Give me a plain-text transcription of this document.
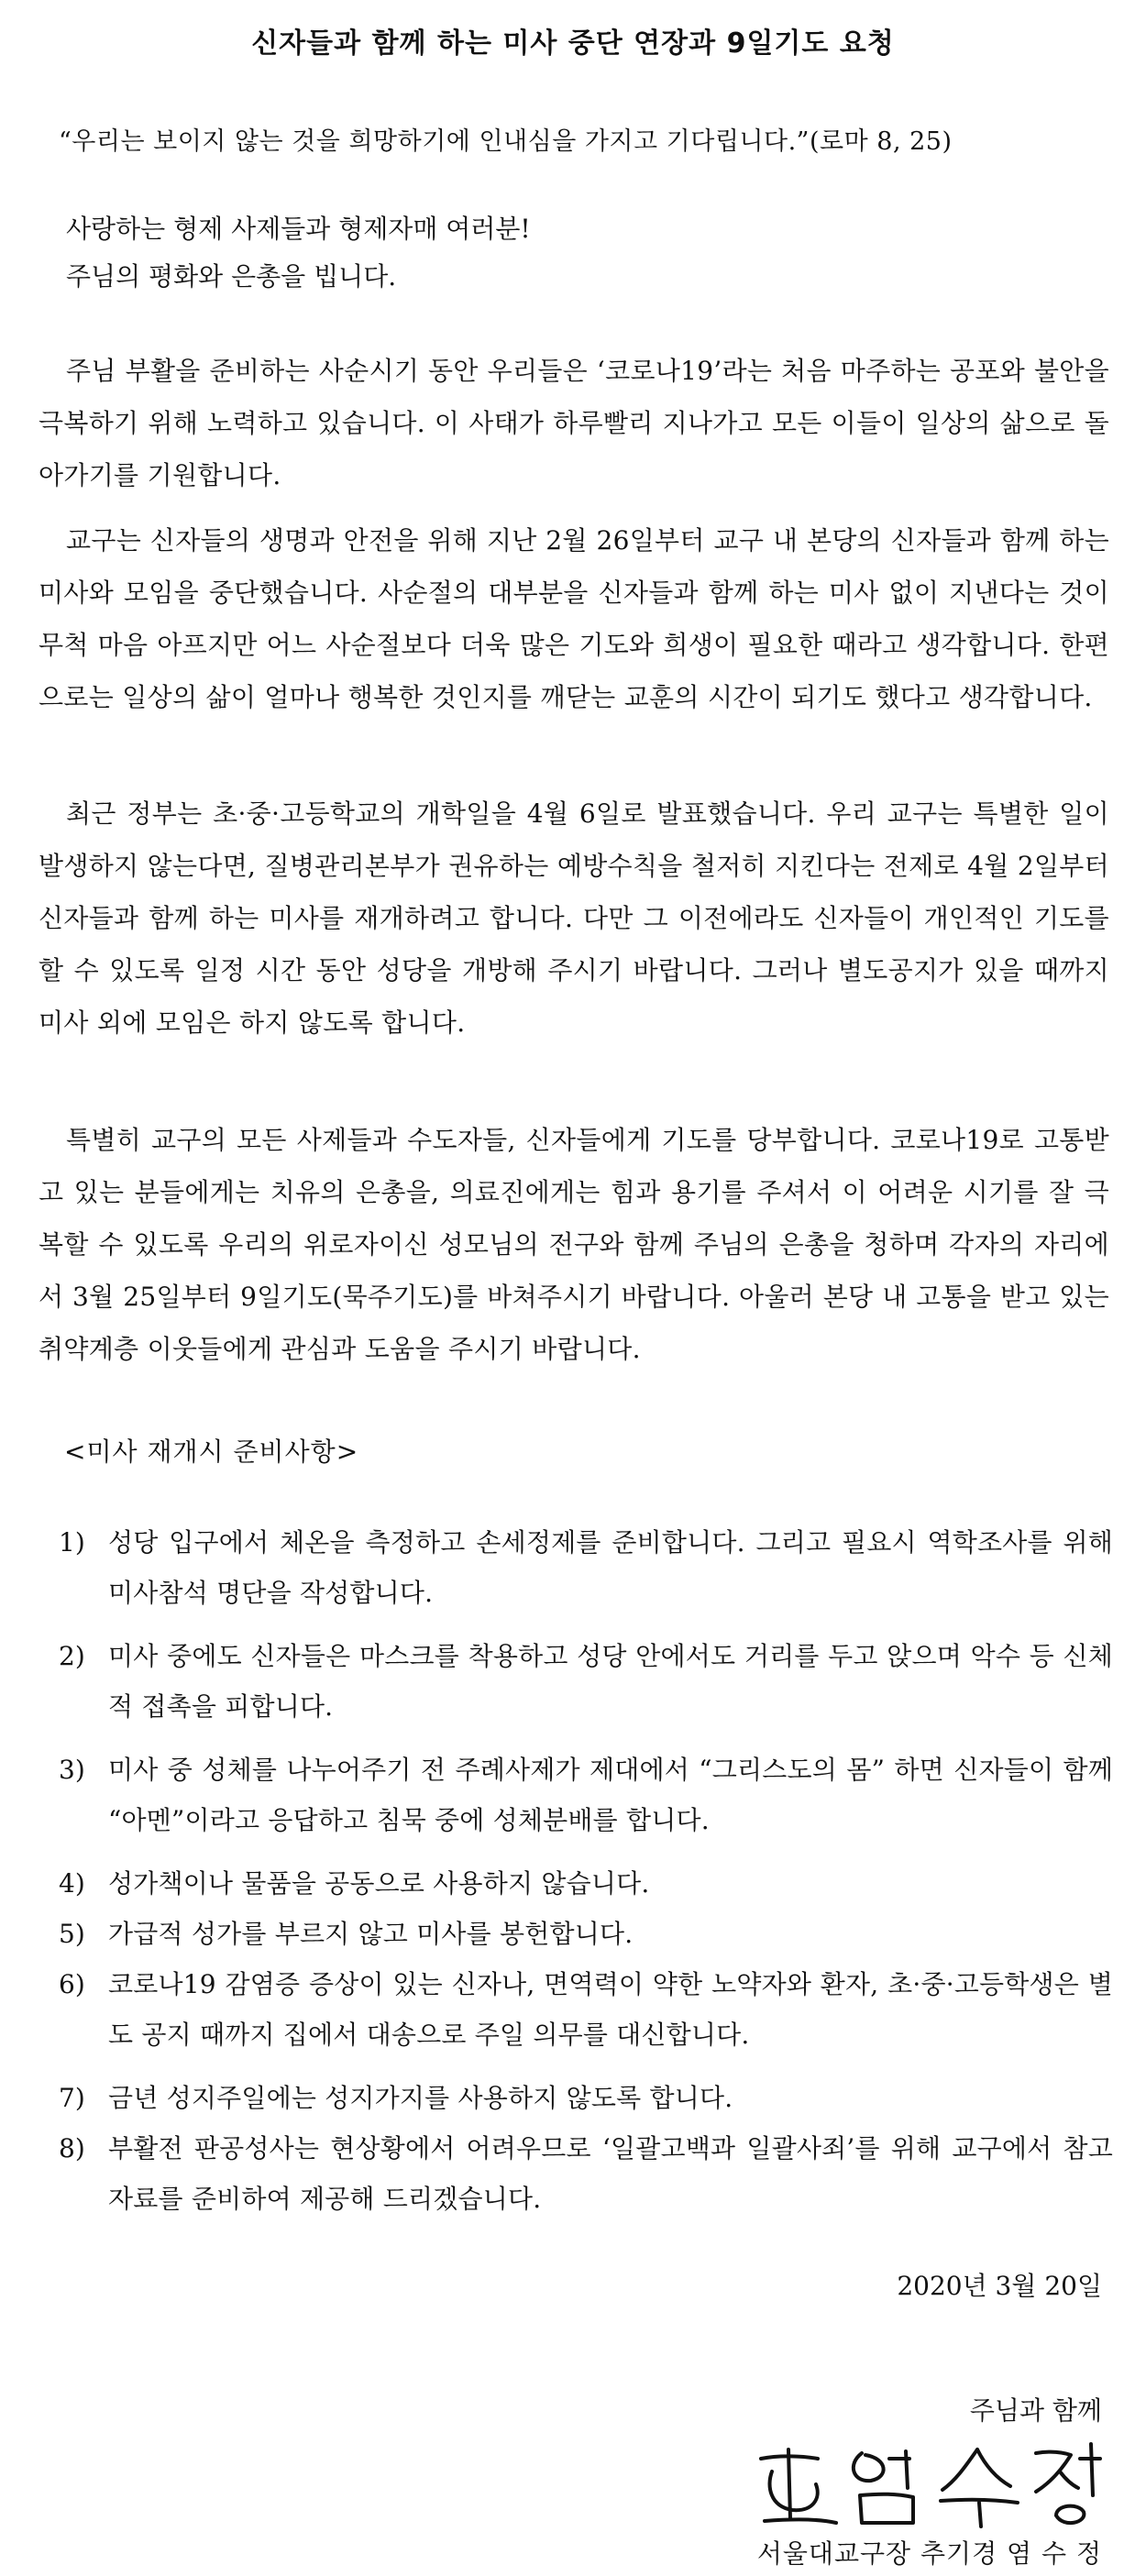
신자들과 함께 하는 미사 중단 연장과 9일기도 요청
“우리는 보이지 않는 것을 희망하기에 인내심을 가지고 기다립니다.”(로마 8, 25)
사랑하는 형제 사제들과 형제자매 여러분!
주님의 평화와 은총을 빕니다.
주님 부활을 준비하는 사순시기 동안 우리들은 ‘코로나19’라는 처음 마주하는 공포와 불안을 극복하기 위해 노력하고 있습니다. 이 사태가 하루빨리 지나가고 모든 이들이 일상의 삶으로 돌아가기를 기원합니다.
교구는 신자들의 생명과 안전을 위해 지난 2월 26일부터 교구 내 본당의 신자들과 함께 하는 미사와 모임을 중단했습니다. 사순절의 대부분을 신자들과 함께 하는 미사 없이 지낸다는 것이 무척 마음 아프지만 어느 사순절보다 더욱 많은 기도와 희생이 필요한 때라고 생각합니다. 한편으로는 일상의 삶이 얼마나 행복한 것인지를 깨닫는 교훈의 시간이 되기도 했다고 생각합니다.
최근 정부는 초·중·고등학교의 개학일을 4월 6일로 발표했습니다. 우리 교구는 특별한 일이 발생하지 않는다면, 질병관리본부가 권유하는 예방수칙을 철저히 지킨다는 전제로 4월 2일부터 신자들과 함께 하는 미사를 재개하려고 합니다. 다만 그 이전에라도 신자들이 개인적인 기도를 할 수 있도록 일정 시간 동안 성당을 개방해 주시기 바랍니다. 그러나 별도공지가 있을 때까지 미사 외에 모임은 하지 않도록 합니다.
특별히 교구의 모든 사제들과 수도자들, 신자들에게 기도를 당부합니다. 코로나19로 고통받고 있는 분들에게는 치유의 은총을, 의료진에게는 힘과 용기를 주셔서 이 어려운 시기를 잘 극복할 수 있도록 우리의 위로자이신 성모님의 전구와 함께 주님의 은총을 청하며 각자의 자리에서 3월 25일부터 9일기도(묵주기도)를 바쳐주시기 바랍니다. 아울러 본당 내 고통을 받고 있는 취약계층 이웃들에게 관심과 도움을 주시기 바랍니다.
<미사 재개시 준비사항>
1) 성당 입구에서 체온을 측정하고 손세정제를 준비합니다. 그리고 필요시 역학조사를 위해 미사참석 명단을 작성합니다.
2) 미사 중에도 신자들은 마스크를 착용하고 성당 안에서도 거리를 두고 앉으며 악수 등 신체적 접촉을 피합니다.
3) 미사 중 성체를 나누어주기 전 주례사제가 제대에서 “그리스도의 몸” 하면 신자들이 함께 “아멘”이라고 응답하고 침묵 중에 성체분배를 합니다.
4) 성가책이나 물품을 공동으로 사용하지 않습니다.
5) 가급적 성가를 부르지 않고 미사를 봉헌합니다.
6) 코로나19 감염증 증상이 있는 신자나, 면역력이 약한 노약자와 환자, 초·중·고등학생은 별도 공지 때까지 집에서 대송으로 주일 의무를 대신합니다.
7) 금년 성지주일에는 성지가지를 사용하지 않도록 합니다.
8) 부활전 판공성사는 현상황에서 어려우므로 ‘일괄고백과 일괄사죄’를 위해 교구에서 참고자료를 준비하여 제공해 드리겠습니다.
2020년 3월 20일
주님과 함께
서울대교구장 추기경 염 수 정
